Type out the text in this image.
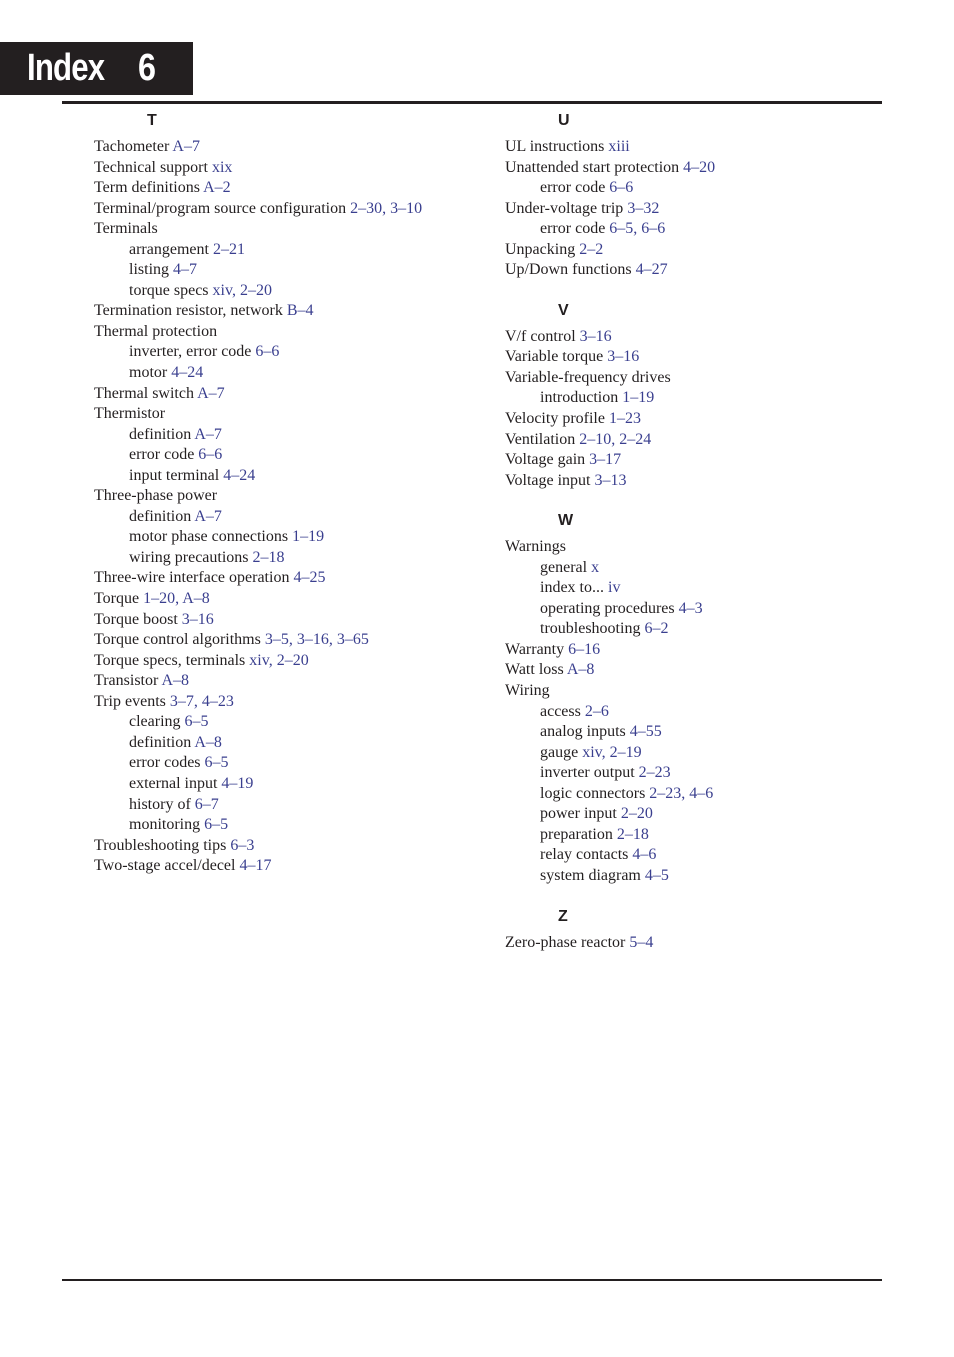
Index 6
T
Tachometer A–7
Technical support xix
Term definitions A–2
Terminal/program source configuration 2–30, 3–10
Terminals
arrangement 2–21
listing 4–7
torque specs xiv, 2–20
Termination resistor, network B–4
Thermal protection
inverter, error code 6–6
motor 4–24
Thermal switch A–7
Thermistor
definition A–7
error code 6–6
input terminal 4–24
Three-phase power
definition A–7
motor phase connections 1–19
wiring precautions 2–18
Three-wire interface operation 4–25
Torque 1–20, A–8
Torque boost 3–16
Torque control algorithms 3–5, 3–16, 3–65
Torque specs, terminals xiv, 2–20
Transistor A–8
Trip events 3–7, 4–23
clearing 6–5
definition A–8
error codes 6–5
external input 4–19
history of 6–7
monitoring 6–5
Troubleshooting tips 6–3
Two-stage accel/decel 4–17
U
UL instructions xiii
Unattended start protection 4–20
error code 6–6
Under-voltage trip 3–32
error code 6–5, 6–6
Unpacking 2–2
Up/Down functions 4–27
V
V/f control 3–16
Variable torque 3–16
Variable-frequency drives
introduction 1–19
Velocity profile 1–23
Ventilation 2–10, 2–24
Voltage gain 3–17
Voltage input 3–13
W
Warnings
general x
index to... iv
operating procedures 4–3
troubleshooting 6–2
Warranty 6–16
Watt loss A–8
Wiring
access 2–6
analog inputs 4–55
gauge xiv, 2–19
inverter output 2–23
logic connectors 2–23, 4–6
power input 2–20
preparation 2–18
relay contacts 4–6
system diagram 4–5
Z
Zero-phase reactor 5–4
